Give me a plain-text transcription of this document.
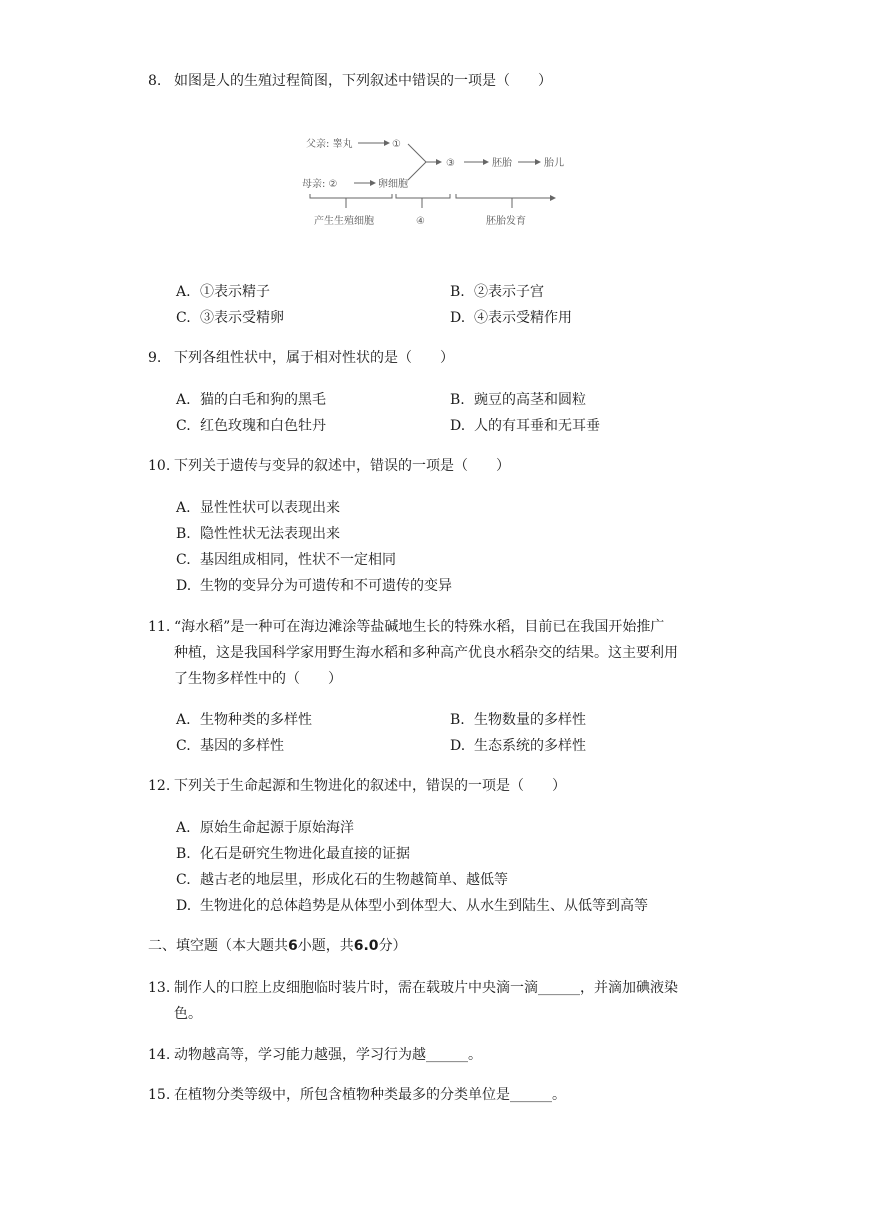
8. 如图是人的生殖过程简图，下列叙述中错误的一项是（　　）
父亲: 睾丸	①
③	胚胎	胎儿
母亲: ②	卵细胞
产生生殖细胞	④	胚胎发育
A. ①表示精子	B. ②表示子宫
C. ③表示受精卵	D. ④表示受精作用
9. 下列各组性状中，属于相对性状的是（　　）
A. 猫的白毛和狗的黑毛	B. 豌豆的高茎和圆粒
C. 红色玫瑰和白色牡丹	D. 人的有耳垂和无耳垂
10. 下列关于遗传与变异的叙述中，错误的一项是（　　）
A. 显性性状可以表现出来
B. 隐性性状无法表现出来
C. 基因组成相同，性状不一定相同
D. 生物的变异分为可遗传和不可遗传的变异
11. “海水稻”是一种可在海边滩涂等盐碱地生长的特殊水稻，目前已在我国开始推广
种植，这是我国科学家用野生海水稻和多种高产优良水稻杂交的结果。这主要利用
了生物多样性中的（　　）
A. 生物种类的多样性	B. 生物数量的多样性
C. 基因的多样性	D. 生态系统的多样性
12. 下列关于生命起源和生物进化的叙述中，错误的一项是（　　）
A. 原始生命起源于原始海洋
B. 化石是研究生物进化最直接的证据
C. 越古老的地层里，形成化石的生物越简单、越低等
D. 生物进化的总体趋势是从体型小到体型大、从水生到陆生、从低等到高等
二、填空题（本大题共6小题，共6.0分）
13. 制作人的口腔上皮细胞临时装片时，需在载玻片中央滴一滴______，并滴加碘液染
色。
14. 动物越高等，学习能力越强，学习行为越______。
15. 在植物分类等级中，所包含植物种类最多的分类单位是______。
